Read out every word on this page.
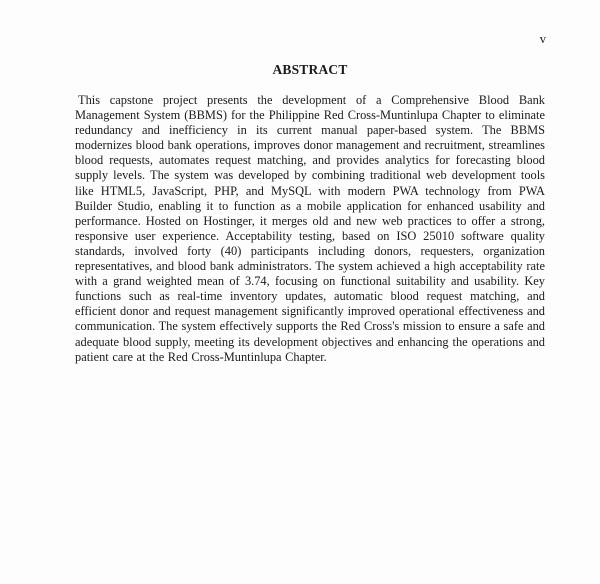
v
ABSTRACT

This capstone project presents the development of a Comprehensive Blood Bank Management System (BBMS) for the Philippine Red Cross-Muntinlupa Chapter to eliminate redundancy and inefficiency in its current manual paper-based system. The BBMS modernizes blood bank operations, improves donor management and recruitment, streamlines blood requests, automates request matching, and provides analytics for forecasting blood supply levels. The system was developed by combining traditional web development tools like HTML5, JavaScript, PHP, and MySQL with modern PWA technology from PWA Builder Studio, enabling it to function as a mobile application for enhanced usability and performance. Hosted on Hostinger, it merges old and new web practices to offer a strong, responsive user experience. Acceptability testing, based on ISO 25010 software quality standards, involved forty (40) participants including donors, requesters, organization representatives, and blood bank administrators. The system achieved a high acceptability rate with a grand weighted mean of 3.74, focusing on functional suitability and usability. Key functions such as real-time inventory updates, automatic blood request matching, and efficient donor and request management significantly improved operational effectiveness and communication. The system effectively supports the Red Cross's mission to ensure a safe and adequate blood supply, meeting its development objectives and enhancing the operations and patient care at the Red Cross-Muntinlupa Chapter.
